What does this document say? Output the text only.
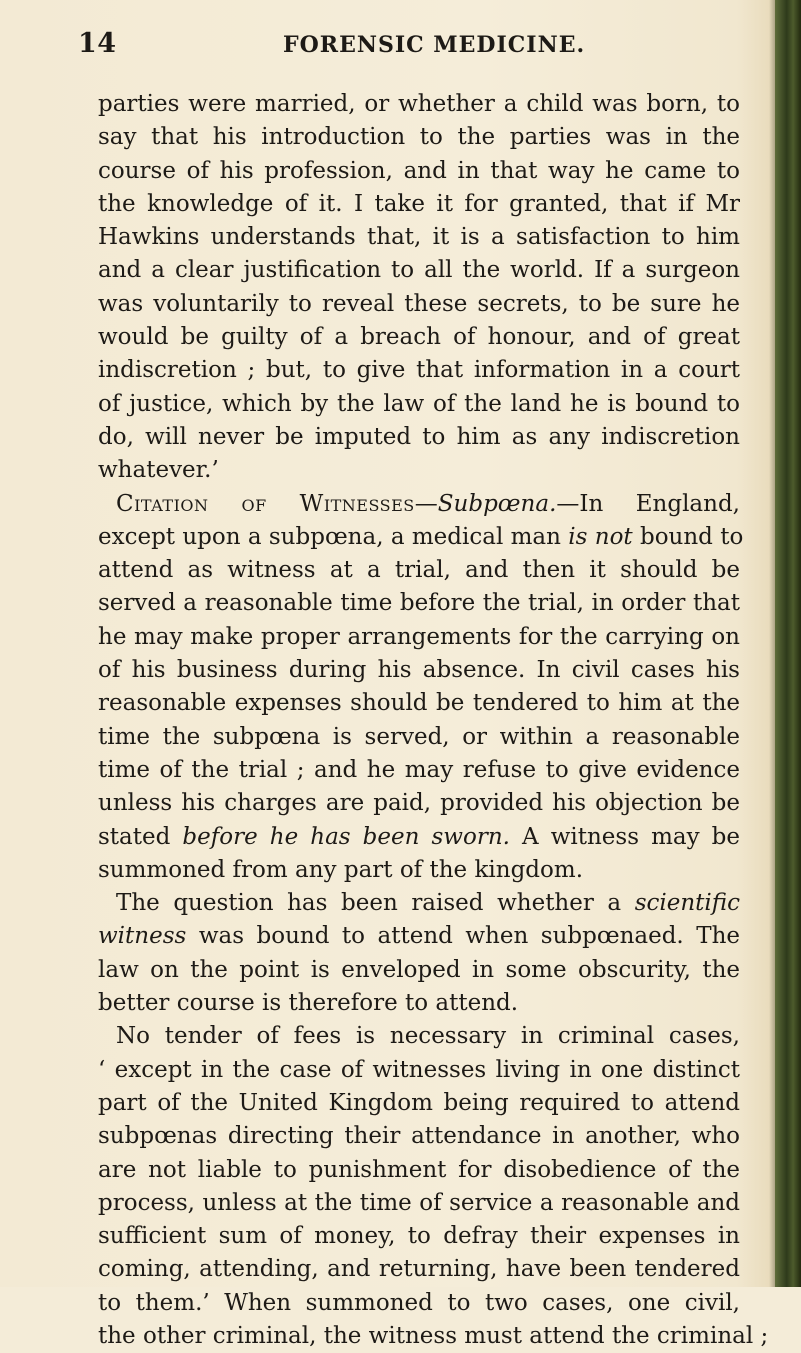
14	FORENSIC MEDICINE.
parties were married, or whether a child was born, to
say that his introduction to the parties was in the
course of his profession, and in that way he came to
the knowledge of it. I take it for granted, that if Mr
Hawkins understands that, it is a satisfaction to him
and a clear justification to all the world. If a surgeon
was voluntarily to reveal these secrets, to be sure he
would be guilty of a breach of honour, and of great
indiscretion ; but, to give that information in a court
of justice, which by the law of the land he is bound to
do, will never be imputed to him as any indiscretion
whatever.’
Citation of Witnesses—Subpœna.—In England,
except upon a subpœna, a medical man is not bound to
attend as witness at a trial, and then it should be
served a reasonable time before the trial, in order that
he may make proper arrangements for the carrying on
of his business during his absence. In civil cases his
reasonable expenses should be tendered to him at the
time the subpœna is served, or within a reasonable
time of the trial ; and he may refuse to give evidence
unless his charges are paid, provided his objection be
stated before he has been sworn. A witness may be
summoned from any part of the kingdom.
The question has been raised whether a scientific
witness was bound to attend when subpœnaed. The
law on the point is enveloped in some obscurity, the
better course is therefore to attend.
No tender of fees is necessary in criminal cases,
‘ except in the case of witnesses living in one distinct
part of the United Kingdom being required to attend
subpœnas directing their attendance in another, who
are not liable to punishment for disobedience of the
process, unless at the time of service a reasonable and
sufficient sum of money, to defray their expenses in
coming, attending, and returning, have been tendered
to them.’ When summoned to two cases, one civil,
the other criminal, the witness must attend the criminal ;
